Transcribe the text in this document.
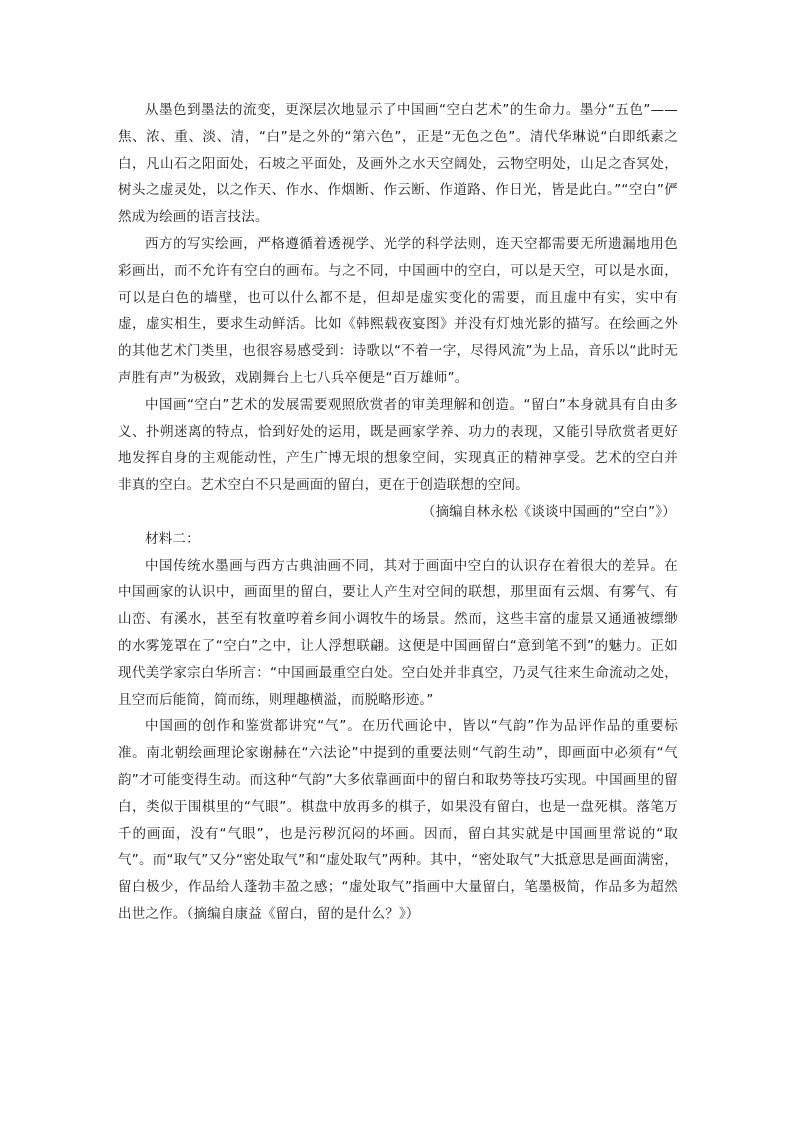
从墨色到墨法的流变，更深层次地显示了中国画“空白艺术”的生命力。墨分“五色”——焦、浓、重、淡、清，“白”是之外的“第六色”，正是“无色之色”。清代华琳说“白即纸素之白，凡山石之阳面处，石坡之平面处，及画外之水天空阔处，云物空明处，山足之杳冥处，树头之虚灵处，以之作天、作水、作烟断、作云断、作道路、作日光，皆是此白。”“空白”俨然成为绘画的语言技法。

西方的写实绘画，严格遵循着透视学、光学的科学法则，连天空都需要无所遗漏地用色彩画出，而不允许有空白的画布。与之不同，中国画中的空白，可以是天空，可以是水面，可以是白色的墙壁，也可以什么都不是，但却是虚实变化的需要，而且虚中有实，实中有虚，虚实相生，要求生动鲜活。比如《韩熙载夜宴图》并没有灯烛光影的描写。在绘画之外的其他艺术门类里，也很容易感受到：诗歌以“不着一字，尽得风流”为上品，音乐以“此时无声胜有声”为极致，戏剧舞台上七八兵卒便是“百万雄师”。

中国画“空白”艺术的发展需要观照欣赏者的审美理解和创造。“留白”本身就具有自由多义、扑朔迷离的特点，恰到好处的运用，既是画家学养、功力的表现，又能引导欣赏者更好地发挥自身的主观能动性，产生广博无垠的想象空间，实现真正的精神享受。艺术的空白并非真的空白。艺术空白不只是画面的留白，更在于创造联想的空间。

（摘编自林永松《谈谈中国画的“空白”》）

材料二：

中国传统水墨画与西方古典油画不同，其对于画面中空白的认识存在着很大的差异。在中国画家的认识中，画面里的留白，要让人产生对空间的联想，那里面有云烟、有雾气、有山峦、有溪水，甚至有牧童哼着乡间小调牧牛的场景。然而，这些丰富的虚景又通通被缥缈的水雾笼罩在了“空白”之中，让人浮想联翩。这便是中国画留白“意到笔不到”的魅力。正如现代美学家宗白华所言：“中国画最重空白处。空白处并非真空，乃灵气往来生命流动之处，且空而后能简，简而练，则理趣横溢，而脱略形迹。”

中国画的创作和鉴赏都讲究“气”。在历代画论中，皆以“气韵”作为品评作品的重要标准。南北朝绘画理论家谢赫在“六法论”中提到的重要法则“气韵生动”，即画面中必须有“气韵”才可能变得生动。而这种“气韵”大多依靠画面中的留白和取势等技巧实现。中国画里的留白，类似于围棋里的“气眼”。棋盘中放再多的棋子，如果没有留白，也是一盘死棋。落笔万千的画面，没有“气眼”，也是污秽沉闷的坏画。因而，留白其实就是中国画里常说的“取气”。而“取气”又分“密处取气”和“虚处取气”两种。其中，“密处取气”大抵意思是画面满密，留白极少，作品给人蓬勃丰盈之感；“虚处取气”指画中大量留白，笔墨极简，作品多为超然出世之作。（摘编自康益《留白，留的是什么？》）
